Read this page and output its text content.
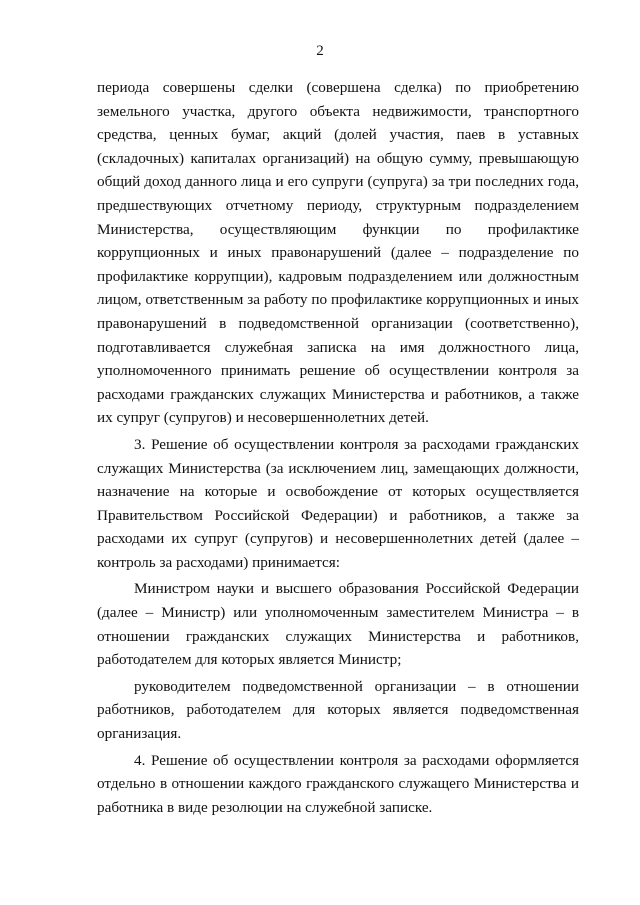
2

периода совершены сделки (совершена сделка) по приобретению земельного участка, другого объекта недвижимости, транспортного средства, ценных бумаг, акций (долей участия, паев в уставных (складочных) капиталах организаций) на общую сумму, превышающую общий доход данного лица и его супруги (супруга) за три последних года, предшествующих отчетному периоду, структурным подразделением Министерства, осуществляющим функции по профилактике коррупционных и иных правонарушений (далее – подразделение по профилактике коррупции), кадровым подразделением или должностным лицом, ответственным за работу по профилактике коррупционных и иных правонарушений в подведомственной организации (соответственно), подготавливается служебная записка на имя должностного лица, уполномоченного принимать решение об осуществлении контроля за расходами гражданских служащих Министерства и работников, а также их супруг (супругов) и несовершеннолетних детей.

3. Решение об осуществлении контроля за расходами гражданских служащих Министерства (за исключением лиц, замещающих должности, назначение на которые и освобождение от которых осуществляется Правительством Российской Федерации) и работников, а также за расходами их супруг (супругов) и несовершеннолетних детей (далее – контроль за расходами) принимается:

Министром науки и высшего образования Российской Федерации (далее – Министр) или уполномоченным заместителем Министра – в отношении гражданских служащих Министерства и работников, работодателем для которых является Министр;

руководителем подведомственной организации – в отношении работников, работодателем для которых является подведомственная организация.

4. Решение об осуществлении контроля за расходами оформляется отдельно в отношении каждого гражданского служащего Министерства и работника в виде резолюции на служебной записке.
